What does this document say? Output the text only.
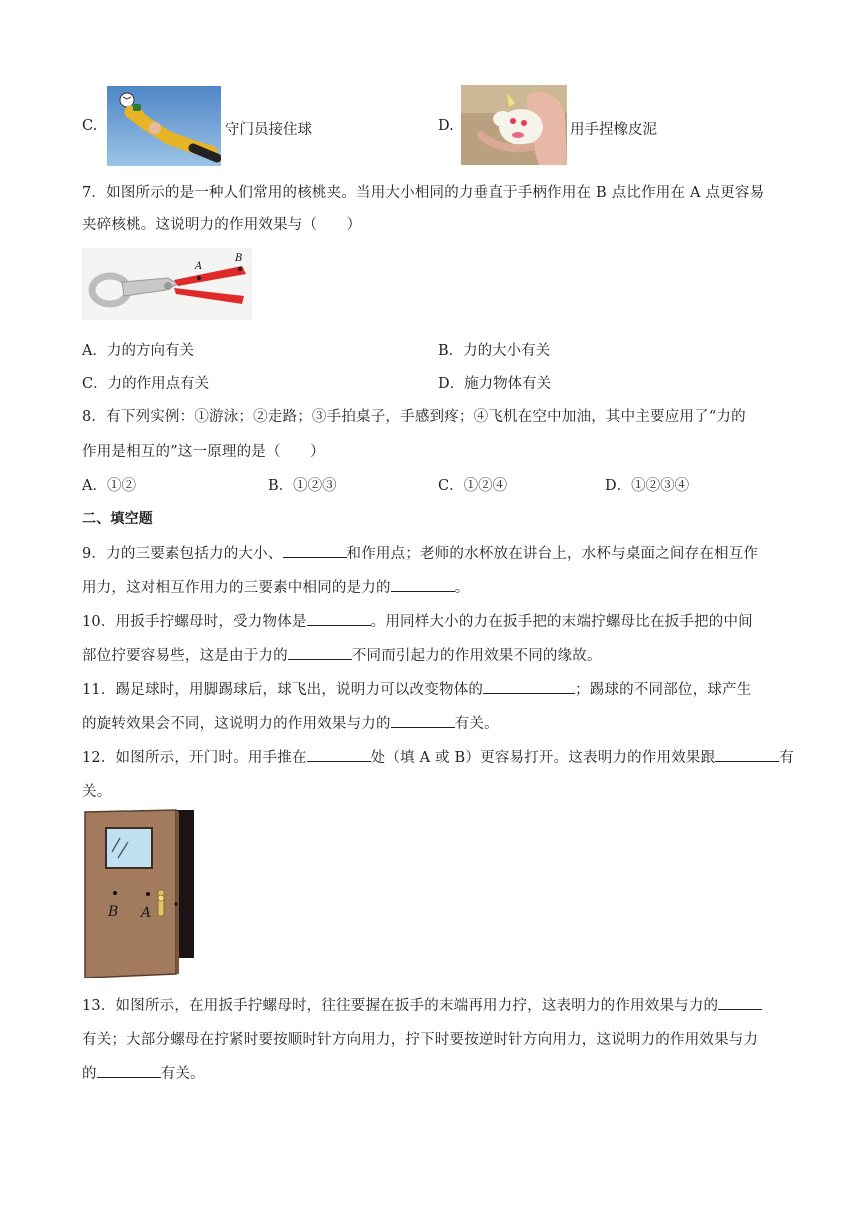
C.	守门员接住球	D.	用手捏橡皮泥
7．如图所示的是一种人们常用的核桃夹。当用大小相同的力垂直于手柄作用在 B 点比作用在 A 点更容易
夹碎核桃。这说明力的作用效果与（　　）
A
B
A．力的方向有关	B．力的大小有关
C．力的作用点有关	D．施力物体有关
8．有下列实例：①游泳；②走路；③手拍桌子，手感到疼；④飞机在空中加油，其中主要应用了“力的
作用是相互的”这一原理的是（　　）
A．①②	B．①②③	C．①②④	D．①②③④
二、填空题
9．力的三要素包括力的大小、	和作用点；老师的水杯放在讲台上，水杯与桌面之间存在相互作
用力，这对相互作用力的三要素中相同的是力的	。
10．用扳手拧螺母时，受力物体是	。用同样大小的力在扳手把的末端拧螺母比在扳手把的中间
部位拧要容易些，这是由于力的	不同而引起力的作用效果不同的缘故。
11．踢足球时，用脚踢球后，球飞出，说明力可以改变物体的	；踢球的不同部位，球产生
的旋转效果会不同，这说明力的作用效果与力的	有关。
12．如图所示，开门时。用手推在	处（填 A 或 B）更容易打开。这表明力的作用效果跟	有
关。
B A
13．如图所示，在用扳手拧螺母时，往往要握在扳手的末端再用力拧，这表明力的作用效果与力的
有关；大部分螺母在拧紧时要按顺时针方向用力，拧下时要按逆时针方向用力，这说明力的作用效果与力
的	有关。
